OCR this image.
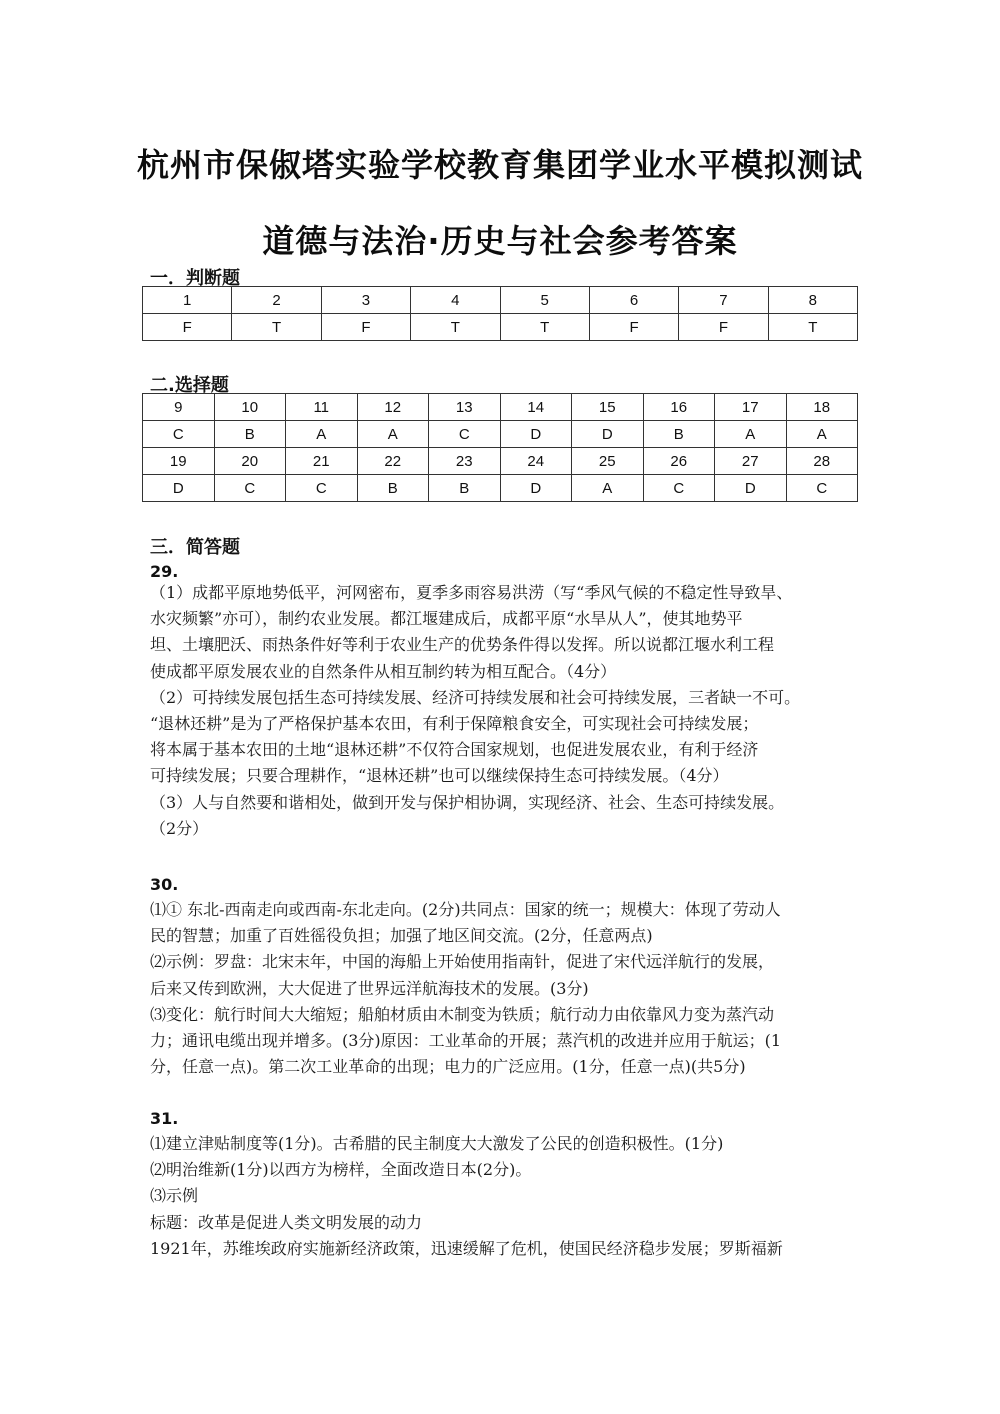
杭州市保俶塔实验学校教育集团学业水平模拟测试
道德与法治·历史与社会参考答案
一．判断题
1	2	3	4	5	6	7	8
F	T	F	T	T	F	F	T
二.选择题
9	10	11	12	13	14	15	16	17	18
C	B	A	A	C	D	D	B	A	A
19	20	21	22	23	24	25	26	27	28
D	C	C	B	B	D	A	C	D	C
三．简答题
29.

（1）成都平原地势低平，河网密布，夏季多雨容易洪涝（写“季风气候的不稳定性导致旱、

水灾频繁”亦可），制约农业发展。都江堰建成后，成都平原“水旱从人”，使其地势平

坦、土壤肥沃、雨热条件好等利于农业生产的优势条件得以发挥。所以说都江堰水利工程

使成都平原发展农业的自然条件从相互制约转为相互配合。（4分）

（2）可持续发展包括生态可持续发展、经济可持续发展和社会可持续发展，三者缺一不可。

“退林还耕”是为了严格保护基本农田，有利于保障粮食安全，可实现社会可持续发展；

将本属于基本农田的土地“退林还耕”不仅符合国家规划，也促进发展农业，有利于经济

可持续发展；只要合理耕作，“退林还耕”也可以继续保持生态可持续发展。（4分）

（3）人与自然要和谐相处，做到开发与保护相协调，实现经济、社会、生态可持续发展。

（2分）

30.

⑴① 东北-西南走向或西南-东北走向。(2分)共同点：国家的统一；规模大：体现了劳动人

民的智慧；加重了百姓徭役负担；加强了地区间交流。(2分，任意两点)

⑵示例：罗盘：北宋末年，中国的海船上开始使用指南针，促进了宋代远洋航行的发展，

后来又传到欧洲，大大促进了世界远洋航海技术的发展。(3分)

⑶变化：航行时间大大缩短；船舶材质由木制变为铁质；航行动力由依靠风力变为蒸汽动

力；通讯电缆出现并增多。(3分)原因：工业革命的开展；蒸汽机的改进并应用于航运；(1

分，任意一点)。第二次工业革命的出现；电力的广泛应用。(1分，任意一点)(共5分)

31.

⑴建立津贴制度等(1分)。古希腊的民主制度大大激发了公民的创造积极性。(1分)

⑵明治维新(1分)以西方为榜样，全面改造日本(2分)。

⑶示例

标题：改革是促进人类文明发展的动力

1921年，苏维埃政府实施新经济政策，迅速缓解了危机，使国民经济稳步发展；罗斯福新
